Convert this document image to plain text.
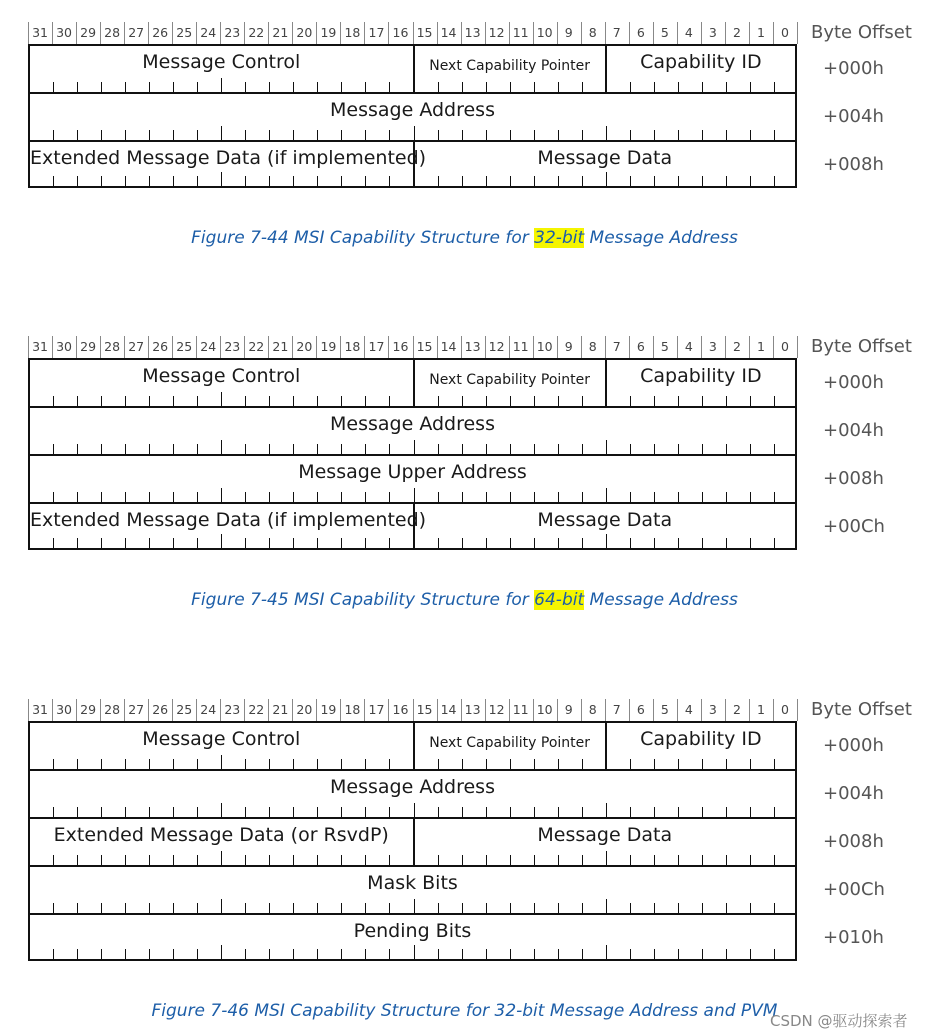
31 30 29 28 27 26 25 24 23 22 21 20 19 18 17 16 15 14 13 12 11 10 9	8	7	6	5	4	3	2	1	0	Byte Offset
Message Control	Next Capability Pointer	Capability ID	+000h
Message Address	+004h
Extended Message Data (if implemented)	Message Data	+008h
Figure 7-44 MSI Capability Structure for 32-bit Message Address
31 30 29 28 27 26 25 24 23 22 21 20 19 18 17 16 15 14 13 12 11 10 9	8	7	6	5	4	3	2	1	0	Byte Offset
Message Control	Next Capability Pointer	Capability ID	+000h
Message Address	+004h
Message Upper Address	+008h
Extended Message Data (if implemented)	Message Data	+00Ch
Figure 7-45 MSI Capability Structure for 64-bit Message Address
31 30 29 28 27 26 25 24 23 22 21 20 19 18 17 16 15 14 13 12 11 10 9	8	7	6	5	4	3	2	1	0	Byte Offset
Message Control	Next Capability Pointer	Capability ID	+000h
Message Address	+004h
Extended Message Data (or RsvdP)	Message Data	+008h
Mask Bits	+00Ch
Pending Bits	+010h
Figure 7-46 MSI Capability Structure for 32-bit Message Address and PVM
CSDN @驱动探索者
